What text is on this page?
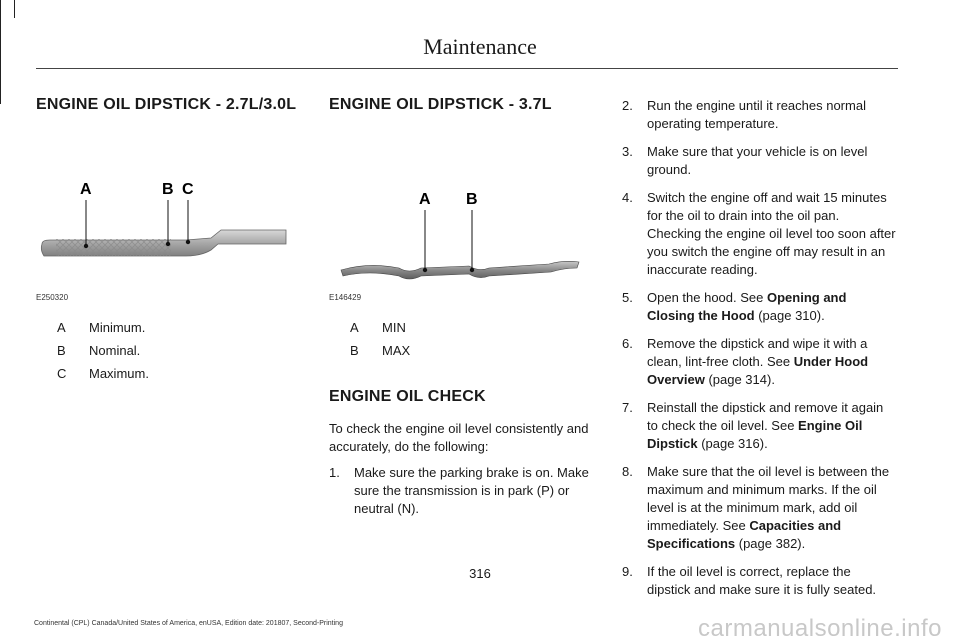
Maintenance
ENGINE OIL DIPSTICK - 2.7L/3.0L
A	B C
E250320
A	Minimum.
B	Nominal.
C	Maximum.
ENGINE OIL DIPSTICK - 3.7L
A B
E146429
A	MIN
B	MAX
ENGINE OIL CHECK

To check the engine oil level consistently and accurately, do the following:

1.	Make sure the parking brake is on. Make sure the transmission is in park (P) or neutral (N).
2.	Run the engine until it reaches normal operating temperature.
3.	Make sure that your vehicle is on level ground.
4.	Switch the engine off and wait 15 minutes for the oil to drain into the oil pan. Checking the engine oil level too soon after you switch the engine off may result in an inaccurate reading.
5.	Open the hood. See Opening and Closing the Hood (page 310).
6.	Remove the dipstick and wipe it with a clean, lint-free cloth. See Under Hood Overview (page 314).
7.	Reinstall the dipstick and remove it again to check the oil level. See Engine Oil Dipstick (page 316).
8.	Make sure that the oil level is between the maximum and minimum marks. If the oil level is at the minimum mark, add oil immediately. See Capacities and Specifications (page 382).
9.	If the oil level is correct, replace the dipstick and make sure it is fully seated.
316
Continental (CPL) Canada/United States of America, enUSA, Edition date: 201807, Second-Printing	carmanualsonline.info
